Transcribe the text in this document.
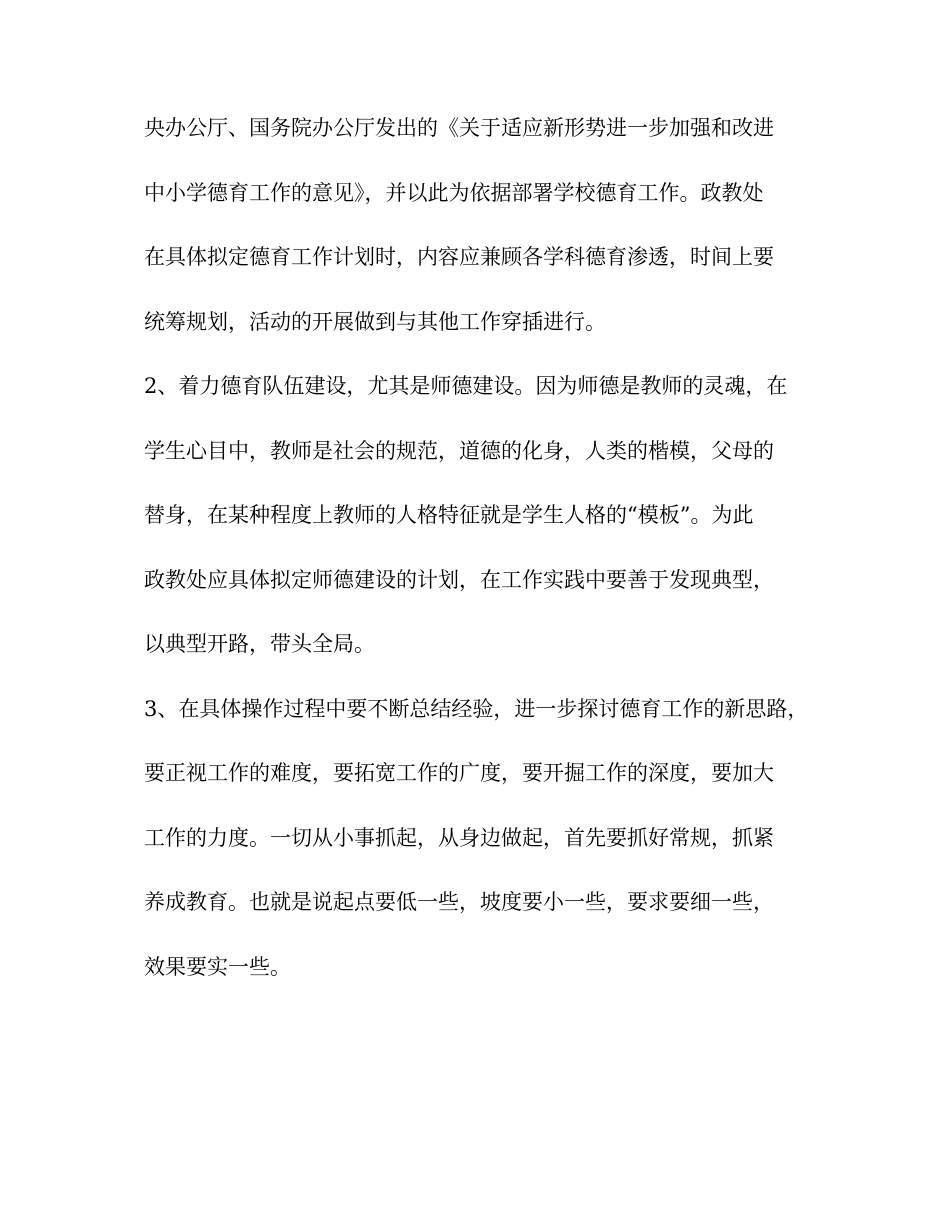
央办公厅、国务院办公厅发出的《关于适应新形势进一步加强和改进
中小学德育工作的意见》，并以此为依据部署学校德育工作。政教处
在具体拟定德育工作计划时，内容应兼顾各学科德育渗透，时间上要
统筹规划，活动的开展做到与其他工作穿插进行。
2、着力德育队伍建设，尤其是师德建设。因为师德是教师的灵魂，在
学生心目中，教师是社会的规范，道德的化身，人类的楷模，父母的
替身，在某种程度上教师的人格特征就是学生人格的“模板”。为此
政教处应具体拟定师德建设的计划，在工作实践中要善于发现典型，
以典型开路，带头全局。
3、在具体操作过程中要不断总结经验，进一步探讨德育工作的新思路，
要正视工作的难度，要拓宽工作的广度，要开掘工作的深度，要加大
工作的力度。一切从小事抓起，从身边做起，首先要抓好常规，抓紧
养成教育。也就是说起点要低一些，坡度要小一些，要求要细一些，
效果要实一些。
